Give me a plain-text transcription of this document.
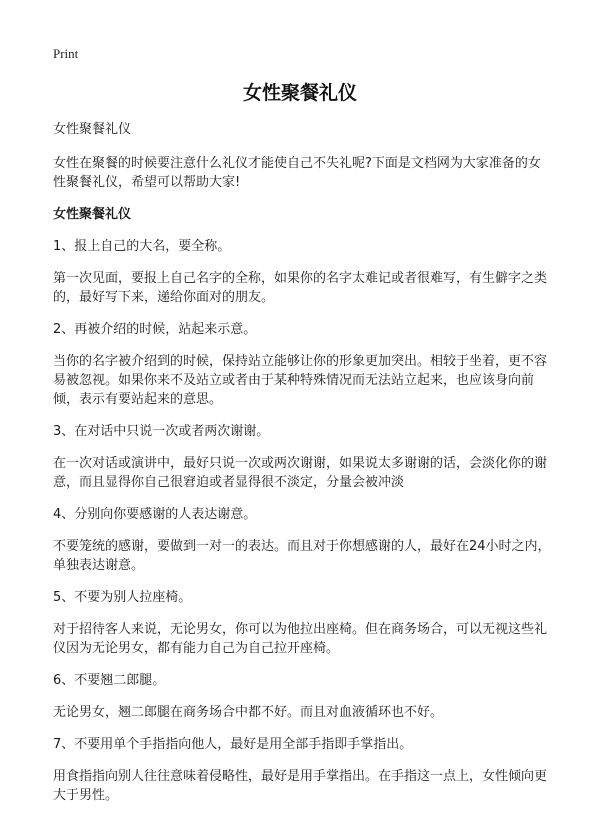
Print
女性聚餐礼仪

女性聚餐礼仪

女性在聚餐的时候要注意什么礼仪才能使自己不失礼呢?下面是文档网为大家准备的女性聚餐礼仪，希望可以帮助大家!

女性聚餐礼仪

1、报上自己的大名，要全称。

第一次见面，要报上自己名字的全称，如果你的名字太难记或者很难写，有生僻字之类的，最好写下来，递给你面对的朋友。

2、再被介绍的时候，站起来示意。

当你的名字被介绍到的时候，保持站立能够让你的形象更加突出。相较于坐着，更不容易被忽视。如果你来不及站立或者由于某种特殊情况而无法站立起来，也应该身向前倾，表示有要站起来的意思。

3、在对话中只说一次或者两次谢谢。

在一次对话或演讲中，最好只说一次或两次谢谢，如果说太多谢谢的话，会淡化你的谢意，而且显得你自己很窘迫或者显得很不淡定，分量会被冲淡

4、分别向你要感谢的人表达谢意。

不要笼统的感谢，要做到一对一的表达。而且对于你想感谢的人，最好在24小时之内，单独表达谢意。

5、不要为别人拉座椅。

对于招待客人来说，无论男女，你可以为他拉出座椅。但在商务场合，可以无视这些礼仪因为无论男女，都有能力自己为自己拉开座椅。

6、不要翘二郎腿。

无论男女，翘二郎腿在商务场合中都不好。而且对血液循环也不好。

7、不要用单个手指指向他人，最好是用全部手指即手掌指出。

用食指指向别人往往意味着侵略性，最好是用手掌指出。在手指这一点上，女性倾向更大于男性。
